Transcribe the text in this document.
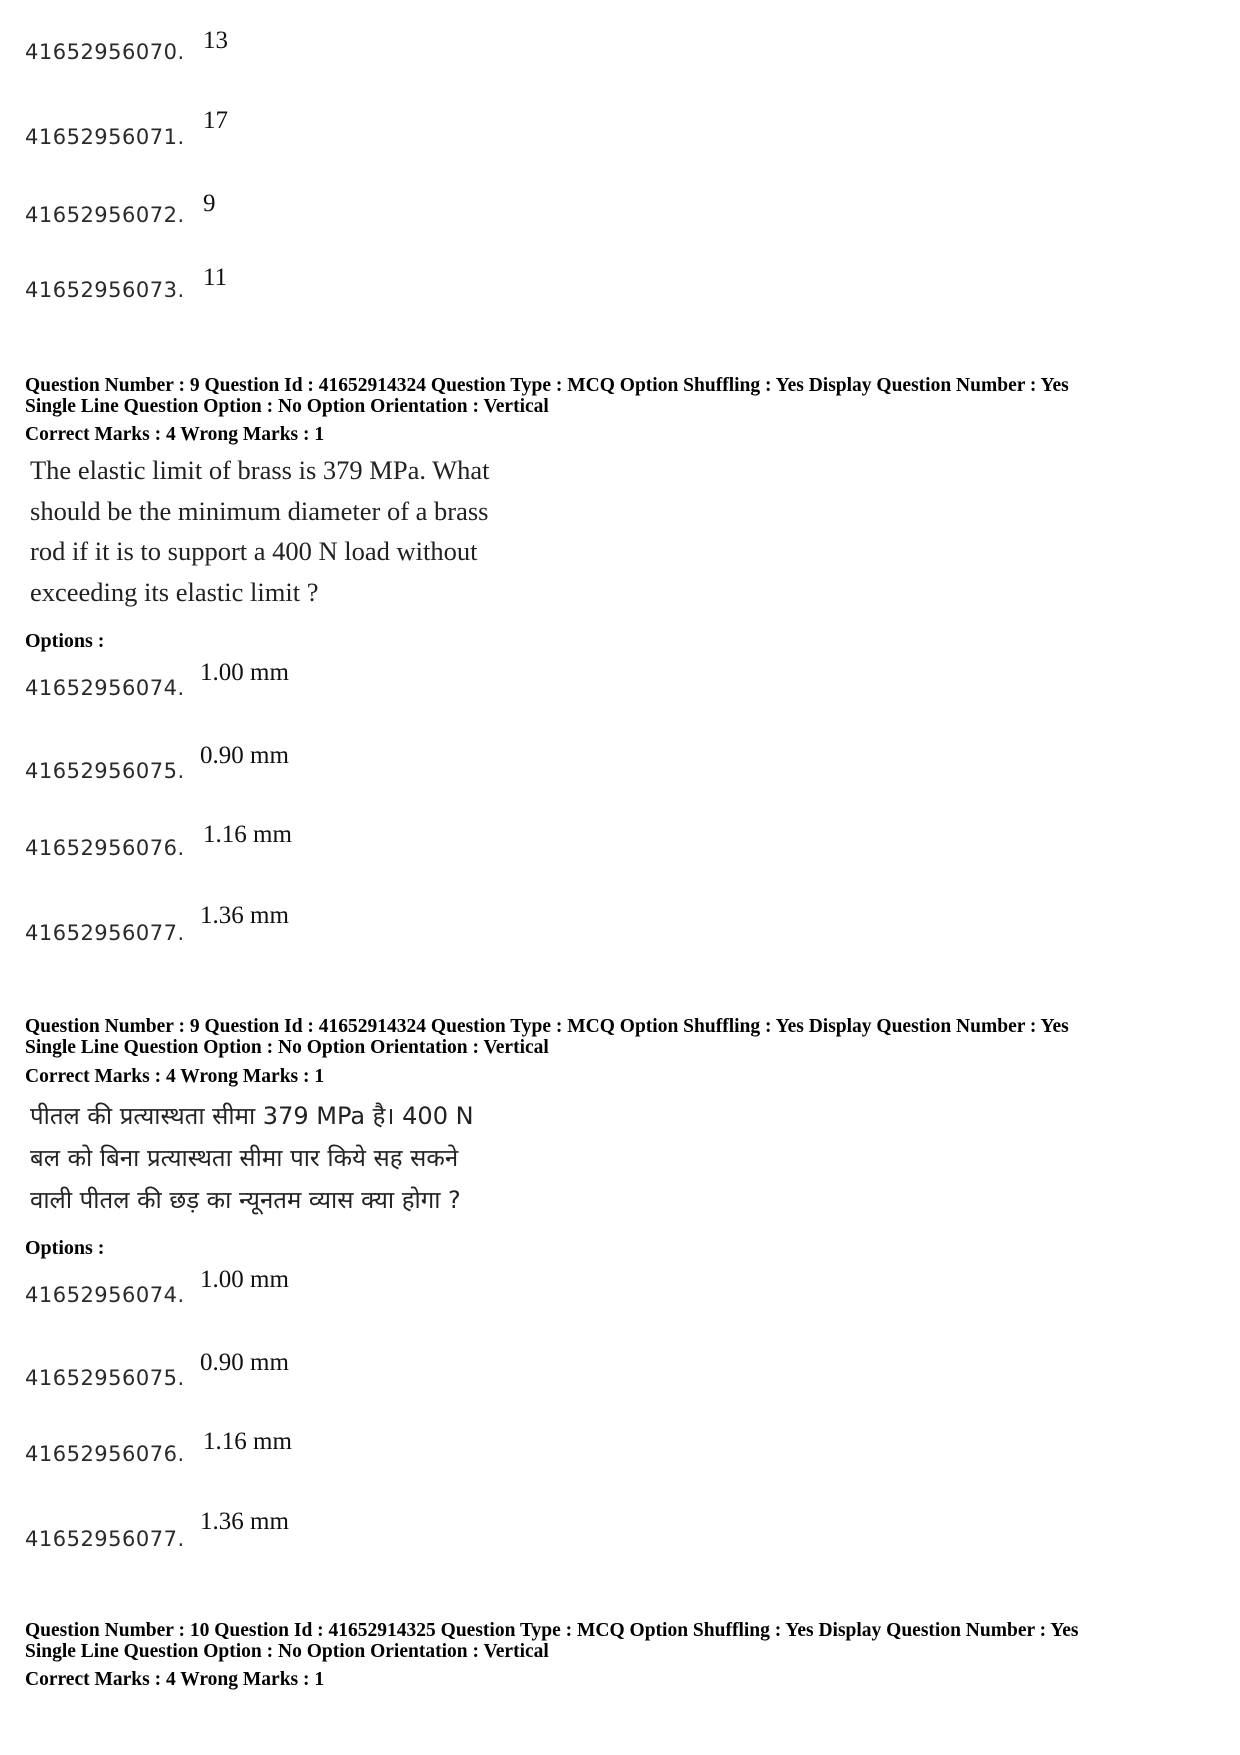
41652956070. 13
41652956071.
17
41652956072. 9
41652956073. 11
Question Number : 9 Question Id : 41652914324 Question Type : MCQ Option Shuffling : Yes Display Question Number : Yes
Single Line Question Option : No Option Orientation : Vertical
Correct Marks : 4 Wrong Marks : 1
The elastic limit of brass is 379 MPa. What
should be the minimum diameter of a brass
rod if it is to support a 400 N load without
exceeding its elastic limit ?
Options :
41652956074.
1.00 mm
41652956075.
0.90 mm
41652956076. 1.16 mm
41652956077.
1.36 mm
Question Number : 9 Question Id : 41652914324 Question Type : MCQ Option Shuffling : Yes Display Question Number : Yes
Single Line Question Option : No Option Orientation : Vertical
Correct Marks : 4 Wrong Marks : 1
पीतल की प्रत्यास्थता सीमा 379 MPa है। 400 N
बल को बिना प्रत्यास्थता सीमा पार किये सह सकने
वाली पीतल की छड़ का न्यूनतम व्यास क्या होगा ?
Options :
41652956074.
1.00 mm
41652956075.
0.90 mm
41652956076. 1.16 mm
41652956077.
1.36 mm
Question Number : 10 Question Id : 41652914325 Question Type : MCQ Option Shuffling : Yes Display Question Number : Yes
Single Line Question Option : No Option Orientation : Vertical
Correct Marks : 4 Wrong Marks : 1
